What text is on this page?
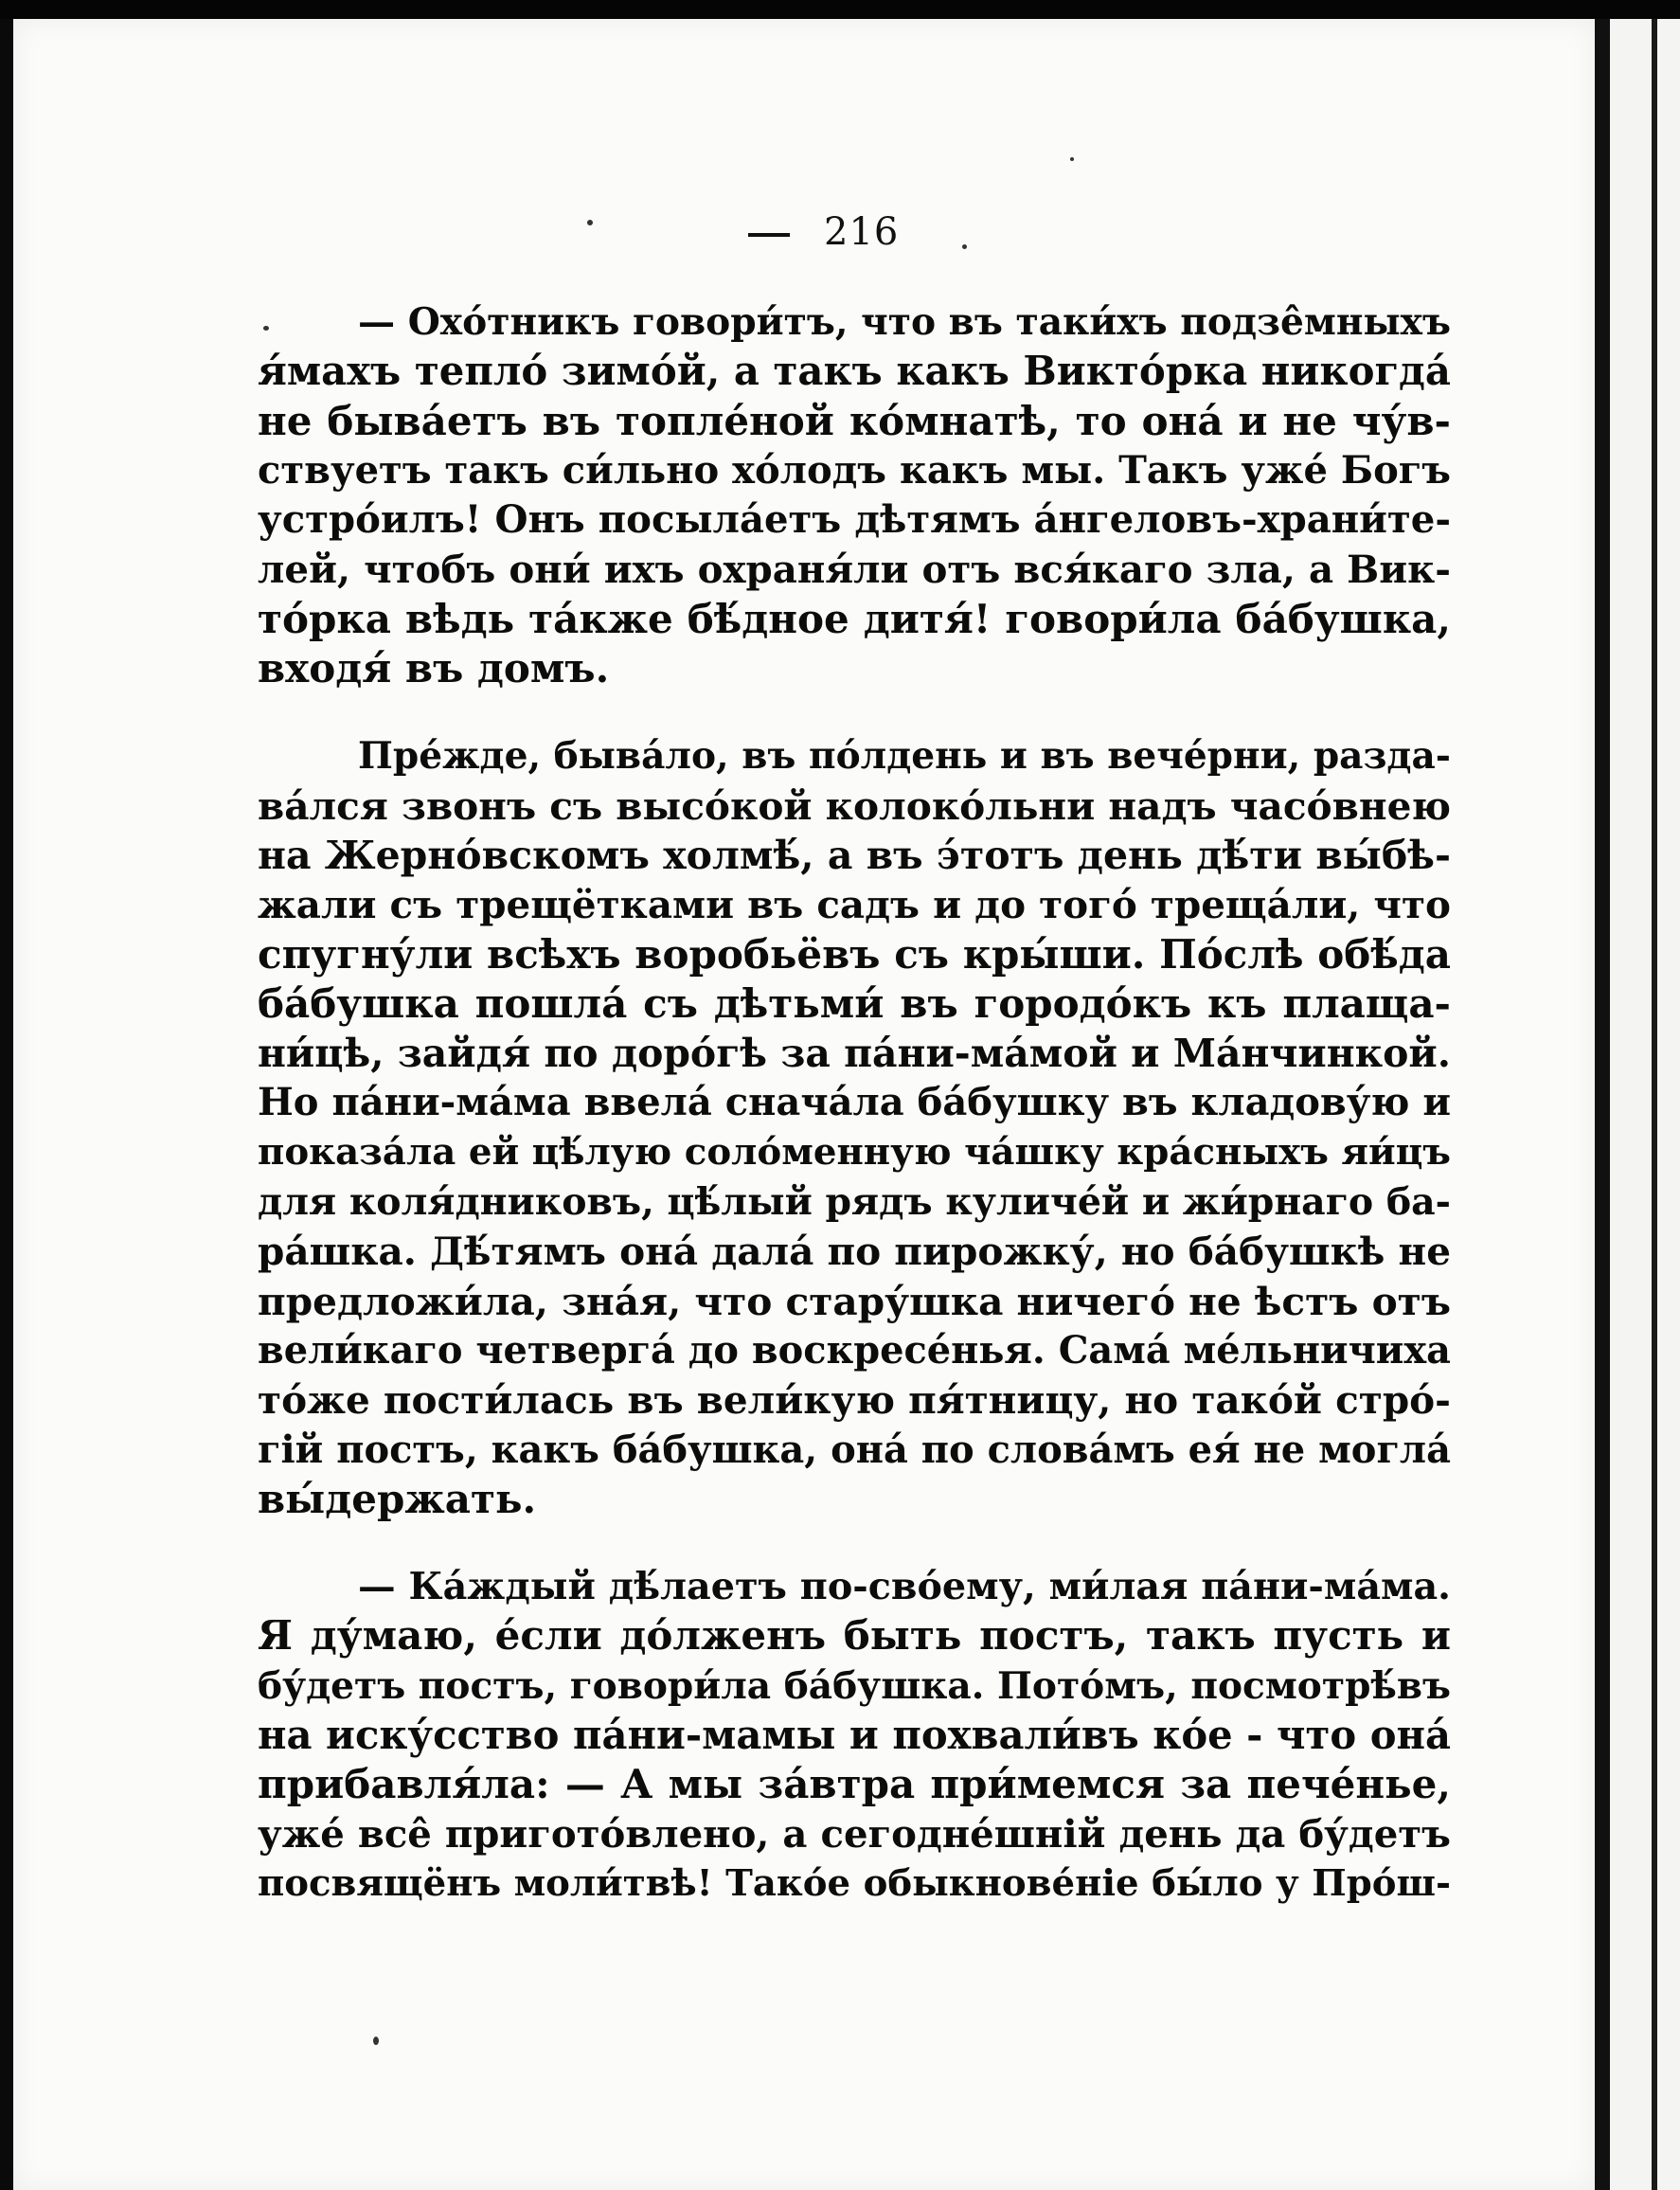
216
— Охо́тникъ говори́тъ, что въ таки́хъ подзе̂мныхъ
я́махъ тепло́ зимо́й, а такъ какъ Викто́рка никогда́
не быва́етъ въ топле́ной ко́мнатѣ, то она́ и не чу́в-
ствуетъ такъ си́льно хо́лодъ какъ мы. Такъ уже́ Богъ
устро́илъ! Онъ посыла́етъ дѣтямъ а́нгеловъ-храни́те-
лей, чтобъ они́ ихъ охраня́ли отъ вся́каго зла, а Вик-
то́рка вѣдь та́кже бѣ́дное дитя́! говори́ла ба́бушка,
входя́ въ домъ.
Пре́жде, быва́ло, въ по́лдень и въ вече́рни, разда-
ва́лся звонъ съ высо́кой колоко́льни надъ часо́внею
на Жерно́вскомъ холмѣ́, а въ э́тотъ день дѣ́ти вы́бѣ-
жали съ трещётками въ садъ и до того́ треща́ли, что
спугну́ли всѣхъ воробьёвъ съ кры́ши. По́слѣ обѣ́да
ба́бушка пошла́ съ дѣтьми́ въ городо́къ къ плаща-
ни́цѣ, зайдя́ по доро́гѣ за па́ни-ма́мой и Ма́нчинкой.
Но па́ни-ма́ма ввела́ снача́ла ба́бушку въ кладову́ю и
показа́ла ей цѣ́лую соло́менную ча́шку кра́сныхъ яи́цъ
для коля́дниковъ, цѣ́лый рядъ куличе́й и жи́рнаго ба-
ра́шка. Дѣ́тямъ она́ дала́ по пирожку́, но ба́бушкѣ не
предложи́ла, зна́я, что стару́шка ничего́ не ѣстъ отъ
вели́каго четверга́ до воскресе́нья. Сама́ ме́льничиха
то́же пости́лась въ вели́кую пя́тницу, но тако́й стро́-
гій постъ, какъ ба́бушка, она́ по слова́мъ ея́ не могла́
вы́держать.
— Ка́ждый дѣ́лаетъ по-сво́ему, ми́лая па́ни-ма́ма.
Я ду́маю, е́сли до́лженъ быть постъ, такъ пусть и
бу́детъ постъ, говори́ла ба́бушка. Пото́мъ, посмотрѣ́въ
на иску́сство па́ни-мамы и похвали́въ ко́е - что она́
прибавля́ла: — А мы за́втра при́мемся за пече́нье,
уже́ все̂ пригото́влено, а сегодне́шній день да бу́детъ
посвящёнъ моли́твѣ! Тако́е обыкнове́ніе бы́ло у Про́ш-
